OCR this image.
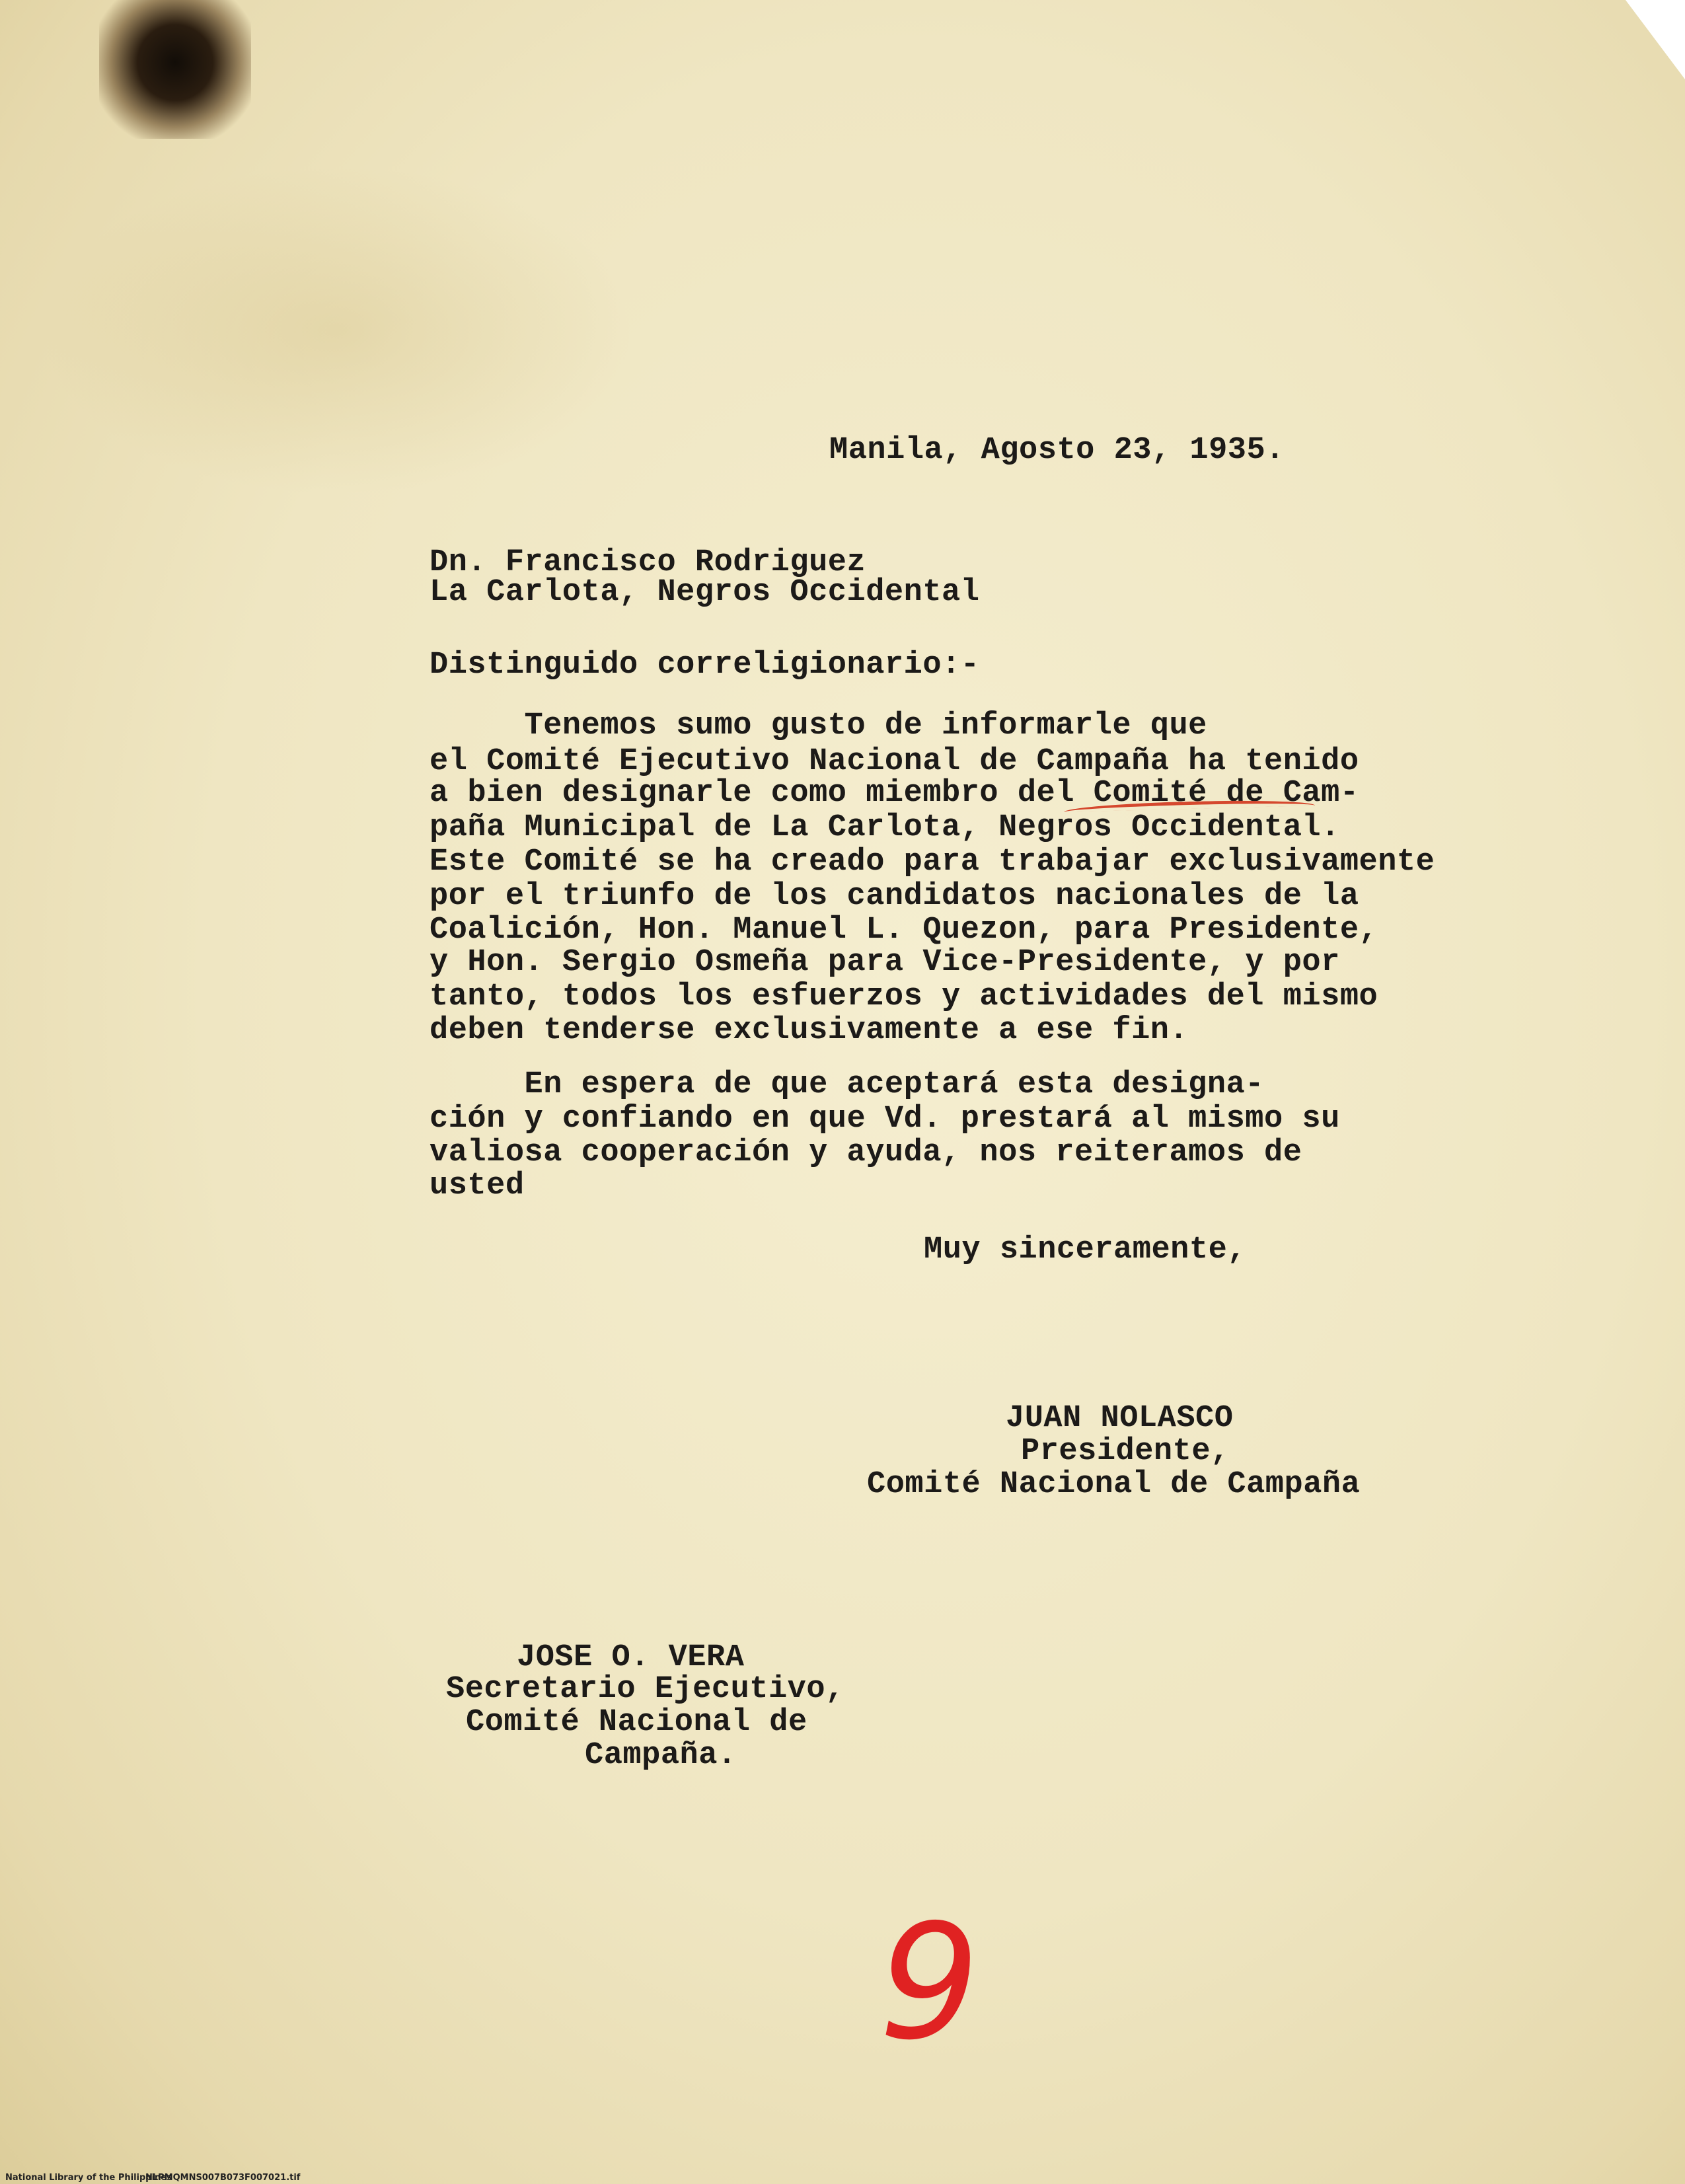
Manila, Agosto 23, 1935.
Dn. Francisco Rodriguez
La Carlota, Negros Occidental
Distinguido correligionario:-
Tenemos sumo gusto de informarle que
el Comité Ejecutivo Nacional de Campaña ha tenido
a bien designarle como miembro del Comité de Cam-
paña Municipal de La Carlota, Negros Occidental.
Este Comité se ha creado para trabajar exclusivamente
por el triunfo de los candidatos nacionales de la
Coalición, Hon. Manuel L. Quezon, para Presidente,
y Hon. Sergio Osmeña para Vice-Presidente, y por
tanto, todos los esfuerzos y actividades del mismo
deben tenderse exclusivamente a ese fin.
En espera de que aceptará esta designa-
ción y confiando en que Vd. prestará al mismo su
valiosa cooperación y ayuda, nos reiteramos de
usted
Muy sinceramente,
JUAN NOLASCO
Presidente,
Comité Nacional de Campaña
JOSE O. VERA
Secretario Ejecutivo,
Comité Nacional de
Campaña.
9
National Library of the Philippines
NLPMQMNS007B073F007021.tif
